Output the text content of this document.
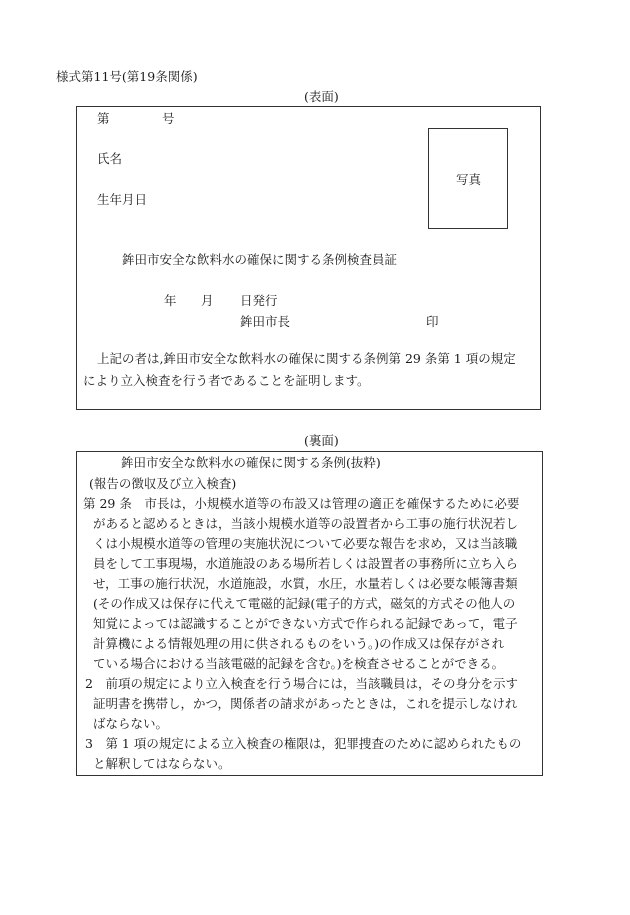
様式第11号(第19条関係)
(表面)
第	号
氏名
生年月日
写真
鉾田市安全な飲料水の確保に関する条例検査員証
年 月 日発行
鉾田市長	印
上記の者は,鉾田市安全な飲料水の確保に関する条例第 29 条第 1 項の規定
により立入検査を行う者であることを証明します。
(裏面)
鉾田市安全な飲料水の確保に関する条例(抜粋)
(報告の徴収及び立入検査)
第 29 条　市長は，小規模水道等の布設又は管理の適正を確保するために必要
があると認めるときは，当該小規模水道等の設置者から工事の施行状況若し
くは小規模水道等の管理の実施状況について必要な報告を求め，又は当該職
員をして工事現場，水道施設のある場所若しくは設置者の事務所に立ち入ら
せ，工事の施行状況，水道施設，水質，水圧，水量若しくは必要な帳簿書類
(その作成又は保存に代えて電磁的記録(電子的方式，磁気的方式その他人の
知覚によっては認識することができない方式で作られる記録であって，電子
計算機による情報処理の用に供されるものをいう。)の作成又は保存がされ
ている場合における当該電磁的記録を含む。)を検査させることができる。
2　前項の規定により立入検査を行う場合には，当該職員は，その身分を示す
証明書を携帯し，かつ，関係者の請求があったときは，これを提示しなけれ
ばならない。
3　第 1 項の規定による立入検査の権限は，犯罪捜査のために認められたもの
と解釈してはならない。
